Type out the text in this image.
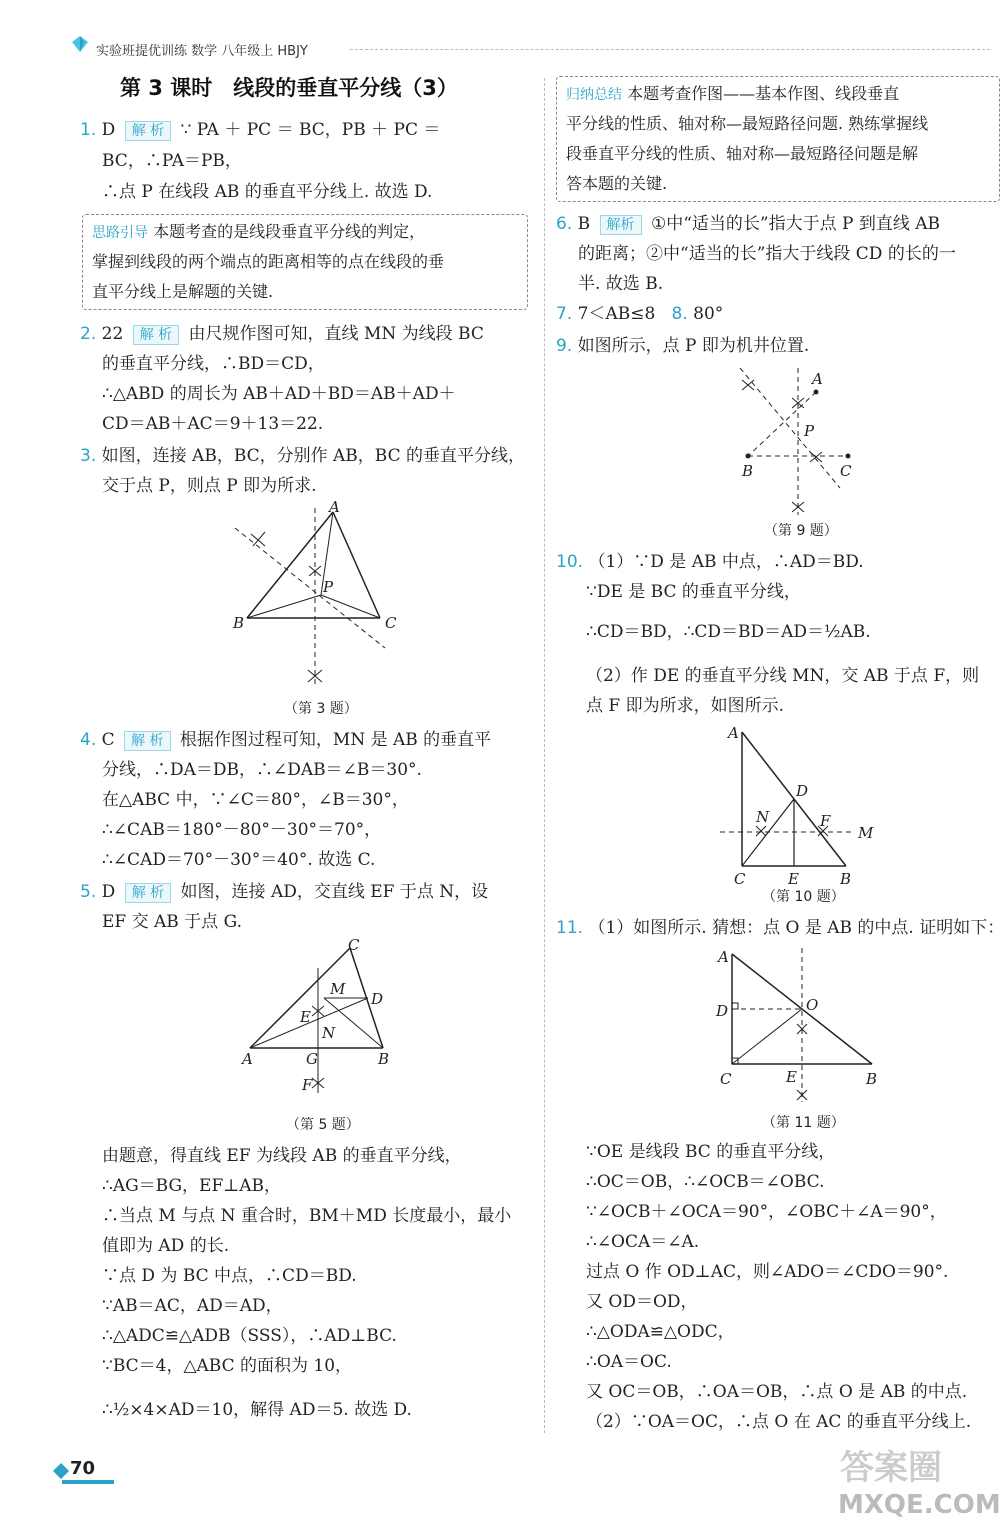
实验班提优训练 数学 八年级上 HBJY
第 3 课时　线段的垂直平分线（3）
1. D 解 析 ∵ PA ＋ PC ＝ BC，PB ＋ PC ＝
BC，∴PA＝PB，
∴点 P 在线段 AB 的垂直平分线上. 故选 D.
思路引导 本题考查的是线段垂直平分线的判定，
掌握到线段的两个端点的距离相等的点在线段的垂
直平分线上是解题的关键.
2. 22 解 析 由尺规作图可知，直线 MN 为线段 BC
的垂直平分线，∴BD＝CD，
∴△ABD 的周长为 AB＋AD＋BD＝AB＋AD＋
CD＝AB＋AC＝9＋13＝22.
3. 如图，连接 AB，BC，分别作 AB，BC 的垂直平分线，
交于点 P，则点 P 即为所求.
A
B	C
P
（第 3 题）
4. C 解 析 根据作图过程可知，MN 是 AB 的垂直平
分线，∴DA＝DB，∴∠DAB＝∠B＝30°.
在△ABC 中，∵∠C＝80°，∠B＝30°，
∴∠CAB＝180°－80°－30°＝70°，
∴∠CAD＝70°－30°＝40°. 故选 C.
5. D 解 析 如图，连接 AD，交直线 EF 于点 N，设
EF 交 AB 于点 G.
C
M
D
E
N
A	G	B
F
（第 5 题）
由题意，得直线 EF 为线段 AB 的垂直平分线，
∴AG＝BG，EF⊥AB，
∴当点 M 与点 N 重合时，BM＋MD 长度最小，最小
值即为 AD 的长.
∵点 D 为 BC 中点，∴CD＝BD.
∵AB＝AC，AD＝AD，
∴△ADC≌△ADB（SSS），∴AD⊥BC.
∵BC＝4，△ABC 的面积为 10，
∴½×4×AD＝10，解得 AD＝5. 故选 D.
归纳总结 本题考查作图——基本作图、线段垂直
平分线的性质、轴对称—最短路径问题. 熟练掌握线
段垂直平分线的性质、轴对称—最短路径问题是解
答本题的关键.
6. B 解析 ①中“适当的长”指大于点 P 到直线 AB
的距离；②中“适当的长”指大于线段 CD 的长的一
半. 故选 B.
7. 7＜AB≤8 8. 80°
9. 如图所示，点 P 即为机井位置.
A
P
B	C
（第 9 题）
10. （1）∵D 是 AB 中点，∴AD＝BD.
∵DE 是 BC 的垂直平分线，
∴CD＝BD，∴CD＝BD＝AD＝½AB.
（2）作 DE 的垂直平分线 MN，交 AB 于点 F，则
点 F 即为所求，如图所示.
A
D
N	F
M
C	E	B
（第 10 题）
11. （1）如图所示. 猜想：点 O 是 AB 的中点. 证明如下：
A
D	O
C	E	B
（第 11 题）
∵OE 是线段 BC 的垂直平分线，
∴OC＝OB，∴∠OCB＝∠OBC.
∵∠OCB＋∠OCA＝90°，∠OBC＋∠A＝90°，
∴∠OCA＝∠A.
过点 O 作 OD⊥AC，则∠ADO＝∠CDO＝90°.
又 OD＝OD，
∴△ODA≌△ODC，
∴OA＝OC.
又 OC＝OB，∴OA＝OB，∴点 O 是 AB 的中点.
（2）∵OA＝OC，∴点 O 在 AC 的垂直平分线上.
70	答案圈
MXQE.COM
